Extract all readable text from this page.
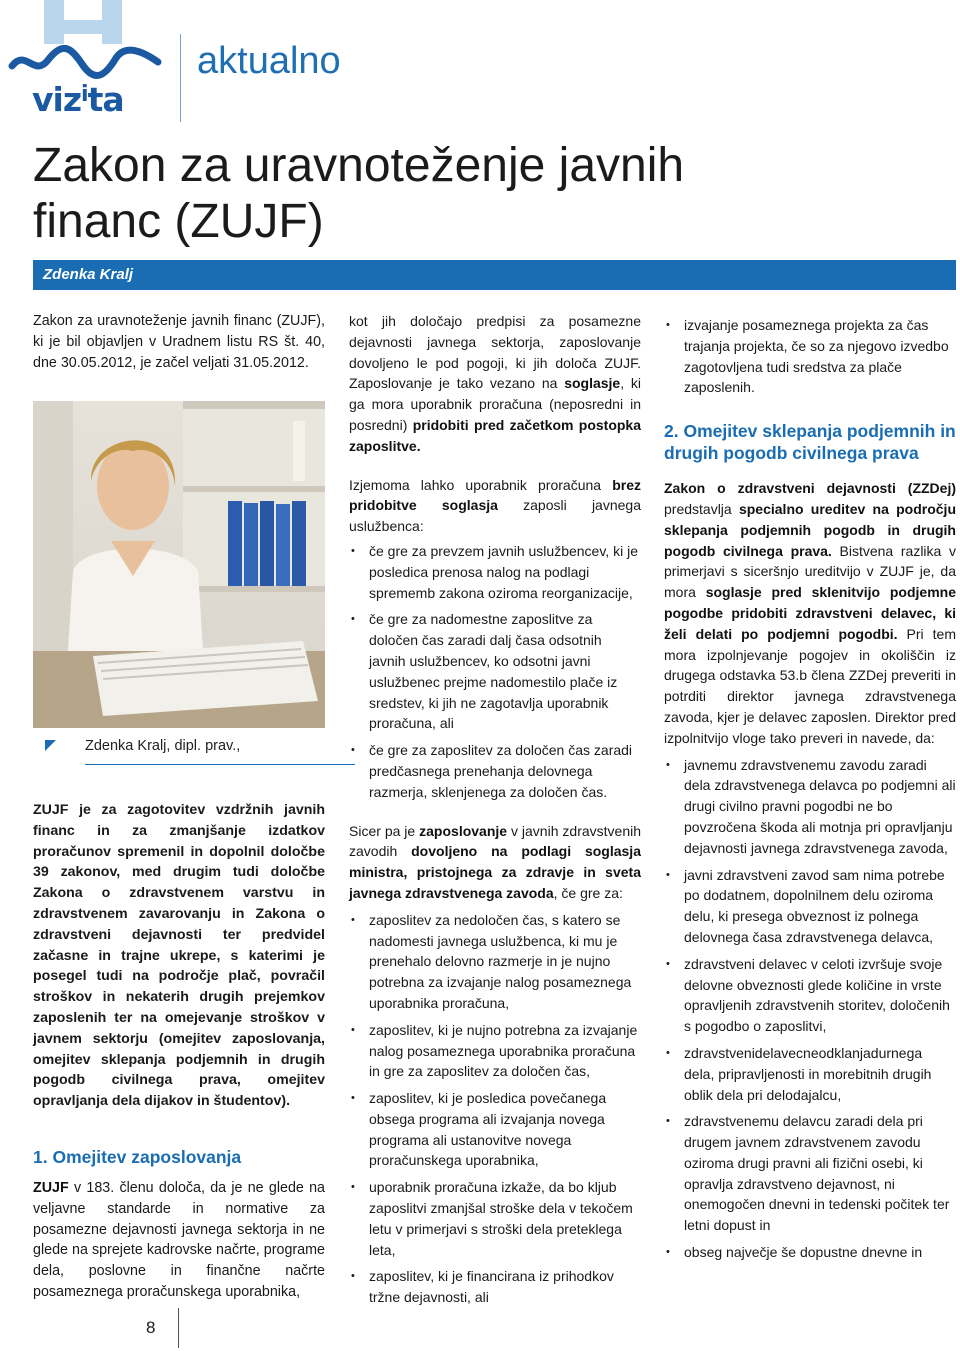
viz$^i$ta
aktualno
Zakon za uravnoteženje javnih
financ (ZUJF)
Zdenka Kralj

Zakon za uravnoteženje javnih financ (ZUJF), ki je bil objavljen v Uradnem listu RS št. 40, dne 30.05.2012, je začel veljati 31.05.2012.

Zdenka Kralj, dipl. prav.,
ZUJF je za zagotovitev vzdržnih javnih financ in za zmanjšanje izdatkov proračunov spremenil in dopolnil določbe 39 zakonov, med drugim tudi določbe Zakona o zdravstvenem varstvu in zdravstvenem zavarovanju in Zakona o zdravstveni dejavnosti ter predvidel začasne in trajne ukrepe, s katerimi je posegel tudi na področje plač, povračil stroškov in nekaterih drugih prejemkov zaposlenih ter na omejevanje stroškov v javnem sektorju (omejitev zaposlovanja, omejitev sklepanja podjemnih in drugih pogodb civilnega prava, omejitev opravljanja dela dijakov in študentov).
1. Omejitev zaposlovanja

ZUJF v 183. členu določa, da je ne glede na veljavne standarde in normative za posamezne dejavnosti javnega sektorja in ne glede na sprejete kadrovske načrte, programe dela, poslovne in finančne načrte posameznega proračunskega uporabnika,

8

kot jih določajo predpisi za posamezne dejavnosti javnega sektorja, zaposlovanje dovoljeno le pod pogoji, ki jih določa ZUJF. Zaposlovanje je tako vezano na soglasje, ki ga mora uporabnik proračuna (neposredni in posredni) pridobiti pred začetkom postopka zaposlitve.

Izjemoma lahko uporabnik proračuna brez pridobitve soglasja zaposli javnega uslužbenca:

• če gre za prevzem javnih uslužbencev, ki je posledica prenosa nalog na podlagi sprememb zakona oziroma reorganizacije,
• če gre za nadomestne zaposlitve za določen čas zaradi dalj časa odsotnih javnih uslužbencev, ko odsotni javni uslužbenec prejme nadomestilo plače iz sredstev, ki jih ne zagotavlja uporabnik proračuna, ali
• če gre za zaposlitev za določen čas zaradi predčasnega prenehanja delovnega razmerja, sklenjenega za določen čas.

Sicer pa je zaposlovanje v javnih zdravstvenih zavodih dovoljeno na podlagi soglasja ministra, pristojnega za zdravje in sveta javnega zdravstvenega zavoda, če gre za:

• zaposlitev za nedoločen čas, s katero se nadomesti javnega uslužbenca, ki mu je prenehalo delovno razmerje in je nujno potrebna za izvajanje nalog posameznega uporabnika proračuna,
• zaposlitev, ki je nujno potrebna za izvajanje nalog posameznega uporabnika proračuna in gre za zaposlitev za določen čas,
• zaposlitev, ki je posledica povečanega obsega programa ali izvajanja novega programa ali ustanovitve novega proračunskega uporabnika,
• uporabnik proračuna izkaže, da bo kljub zaposlitvi zmanjšal stroške dela v tekočem letu v primerjavi s stroški dela preteklega leta,
• zaposlitev, ki je financirana iz prihodkov tržne dejavnosti, ali
• izvajanje posameznega projekta za čas trajanja projekta, če so za njegovo izvedbo zagotovljena tudi sredstva za plače zaposlenih.
2. Omejitev sklepanja podjemnih in drugih pogodb civilnega prava

Zakon o zdravstveni dejavnosti (ZZDej) predstavlja specialno ureditev na področju sklepanja podjemnih pogodb in drugih pogodb civilnega prava. Bistvena razlika v primerjavi s siceršnjo ureditvijo v ZUJF je, da mora soglasje pred sklenitvijo podjemne pogodbe pridobiti zdravstveni delavec, ki želi delati po podjemni pogodbi. Pri tem mora izpolnjevanje pogojev in okoliščin iz drugega odstavka 53.b člena ZZDej preveriti in potrditi direktor javnega zdravstvenega zavoda, kjer je delavec zaposlen. Direktor pred izpolnitvijo vloge tako preveri in navede, da:

• javnemu zdravstvenemu zavodu zaradi dela zdravstvenega delavca po podjemni ali drugi civilno pravni pogodbi ne bo povzročena škoda ali motnja pri opravljanju dejavnosti javnega zdravstvenega zavoda,
• javni zdravstveni zavod sam nima potrebe po dodatnem, dopolnilnem delu oziroma delu, ki presega obveznost iz polnega delovnega časa zdravstvenega delavca,
• zdravstveni delavec v celoti izvršuje svoje delovne obveznosti glede količine in vrste opravljenih zdravstvenih storitev, določenih s pogodbo o zaposlitvi,
• zdravstvenidelavecneodklanjadurnega dela, pripravljenosti in morebitnih drugih oblik dela pri delodajalcu,
• zdravstvenemu delavcu zaradi dela pri drugem javnem zdravstvenem zavodu oziroma drugi pravni ali fizični osebi, ki opravlja zdravstveno dejavnost, ni onemogočen dnevni in tedenski počitek ter letni dopust in
• obseg največje še dopustne dnevne in
